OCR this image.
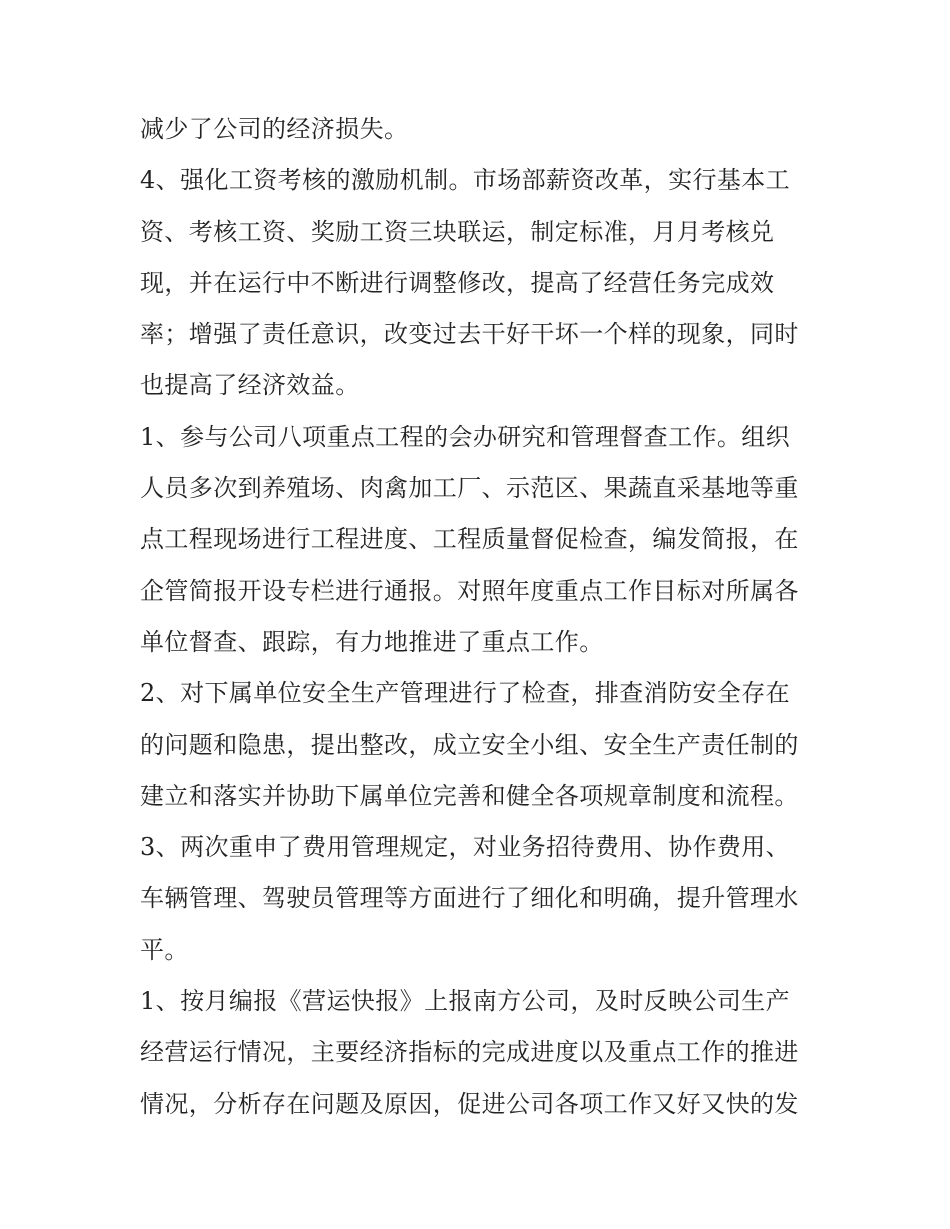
减少了公司的经济损失。
4、强化工资考核的激励机制。市场部薪资改革，实行基本工
资、考核工资、奖励工资三块联运，制定标准，月月考核兑
现，并在运行中不断进行调整修改，提高了经营任务完成效
率；增强了责任意识，改变过去干好干坏一个样的现象，同时
也提高了经济效益。
1、参与公司八项重点工程的会办研究和管理督查工作。组织
人员多次到养殖场、肉禽加工厂、示范区、果蔬直采基地等重
点工程现场进行工程进度、工程质量督促检查，编发简报，在
企管简报开设专栏进行通报。对照年度重点工作目标对所属各
单位督查、跟踪，有力地推进了重点工作。
2、对下属单位安全生产管理进行了检查，排查消防安全存在
的问题和隐患，提出整改，成立安全小组、安全生产责任制的
建立和落实并协助下属单位完善和健全各项规章制度和流程。
3、两次重申了费用管理规定，对业务招待费用、协作费用、
车辆管理、驾驶员管理等方面进行了细化和明确，提升管理水
平。
1、按月编报《营运快报》上报南方公司，及时反映公司生产
经营运行情况，主要经济指标的完成进度以及重点工作的推进
情况，分析存在问题及原因，促进公司各项工作又好又快的发
